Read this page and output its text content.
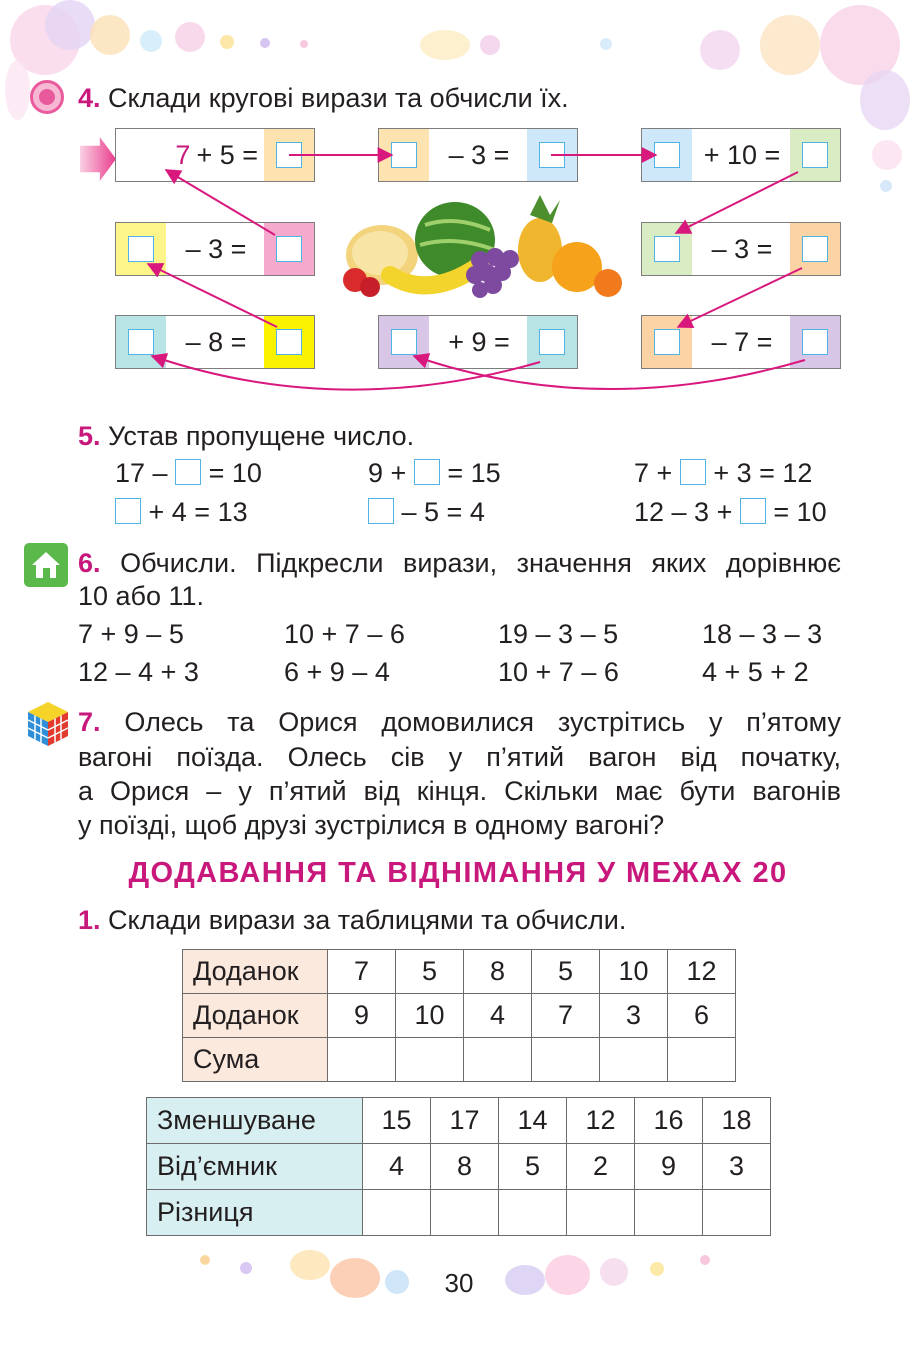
4. Склади кругові вирази та обчисли їх.
7 + 5 =	– 3 =	+ 10 =
– 3 =	– 3 =
– 8 =	+ 9 =	– 7 =
5. Устав пропущене число.
17 – = 10	9 + = 15	7 + + 3 = 12
+ 4 = 13	– 5 = 4	12 – 3 + = 10
6. Обчисли. Підкресли вирази, значення яких дорівнює
10 або 11.
7 + 9 – 5	10 + 7 – 6	19 – 3 – 5	18 – 3 – 3
12 – 4 + 3	6 + 9 – 4	10 + 7 – 6	4 + 5 + 2
7. Олесь та Орися домовилися зустрітись у п’ятому
вагоні поїзда. Олесь сів у п’ятий вагон від початку,
а Орися – у п’ятий від кінця. Скільки має бути вагонів
у поїзді, щоб друзі зустрілися в одному вагоні?
ДОДАВАННЯ ТА ВІДНІМАННЯ У МЕЖАХ 20
1. Склади вирази за таблицями та обчисли.
Доданок	7	5	8	5	10	12
Доданок	9	10	4	7	3	6
Сума						
Зменшуване	15	17	14	12	16	18
Від’ємник	4	8	5	2	9	3
Різниця						
30
